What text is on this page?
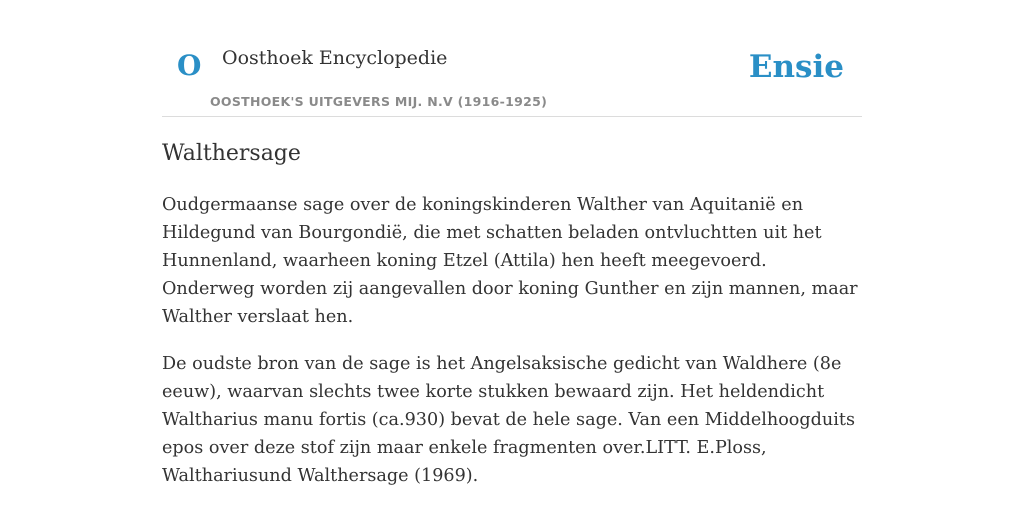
O Oosthoek Encyclopedie
OOSTHOEK'S UITGEVERS MIJ. N.V (1916-1925)
Ensie
Walthersage

Oudgermaanse sage over de koningskinderen Walther van Aquitanië en Hildegund van Bourgondië, die met schatten beladen ontvluchtten uit het Hunnenland, waarheen koning Etzel (Attila) hen heeft meegevoerd. Onderweg worden zij aangevallen door koning Gunther en zijn mannen, maar Walther verslaat hen.

De oudste bron van de sage is het Angelsaksische gedicht van Waldhere (8e eeuw), waarvan slechts twee korte stukken bewaard zijn. Het heldendicht Waltharius manu fortis (ca.930) bevat de hele sage. Van een Middelhoogduits epos over deze stof zijn maar enkele fragmenten over.LITT. E.Ploss, Walthariusund Walthersage (1969).
